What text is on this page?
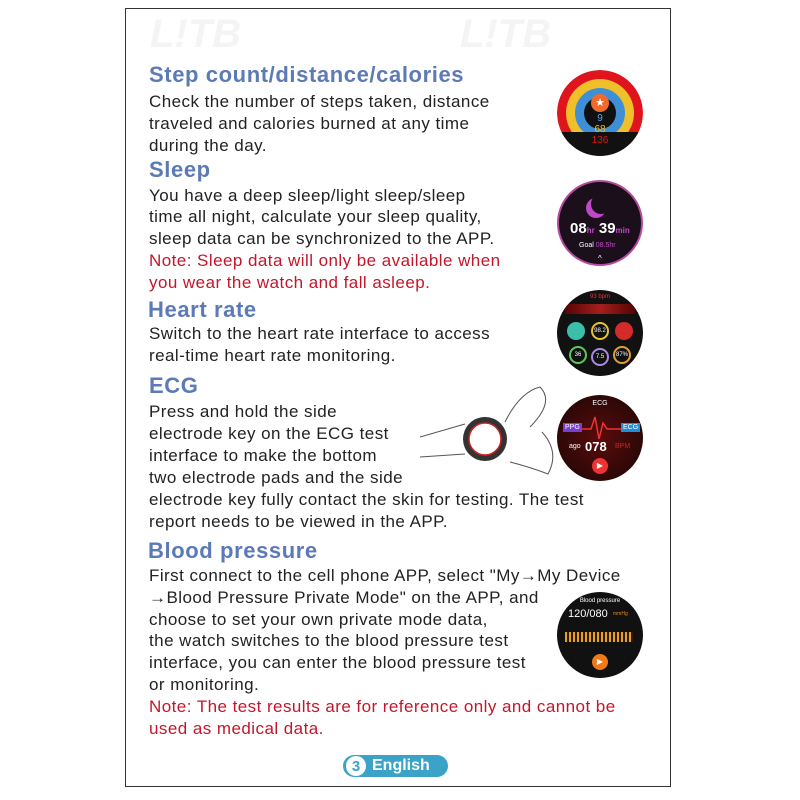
L!TB	L!TB
Step count/distance/calories
Check the number of steps taken, distance
traveled and calories burned at any time
during the day.
Sleep
You have a deep sleep/light sleep/sleep
time all night, calculate your sleep quality,
sleep data can be synchronized to the APP.
Note: Sleep data will only be available when
you wear the watch and fall asleep.
Heart rate
Switch to the heart rate interface to access
real-time heart rate monitoring.
ECG
Press and hold the side
electrode key on the ECG test
interface to make the bottom
two electrode pads and the side
electrode key fully contact the skin for testing. The test
report needs to be viewed in the APP.
Blood pressure
First connect to the cell phone APP, select "My→My Device
→Blood Pressure Private Mode" on the APP, and
choose to set your own private mode data,
the watch switches to the blood pressure test
interface, you can enter the blood pressure test
or monitoring.
Note: The test results are for reference only and cannot be
used as medical data.
★
9
68
136
08hr 39min
Goal 08.5hr
^
93 bpm
98.2
36	7.5	87%
ECG
PPG	ECG
ago 078 BPM
▶
Blood pressure
120/080 mmHg
▶
3 English
